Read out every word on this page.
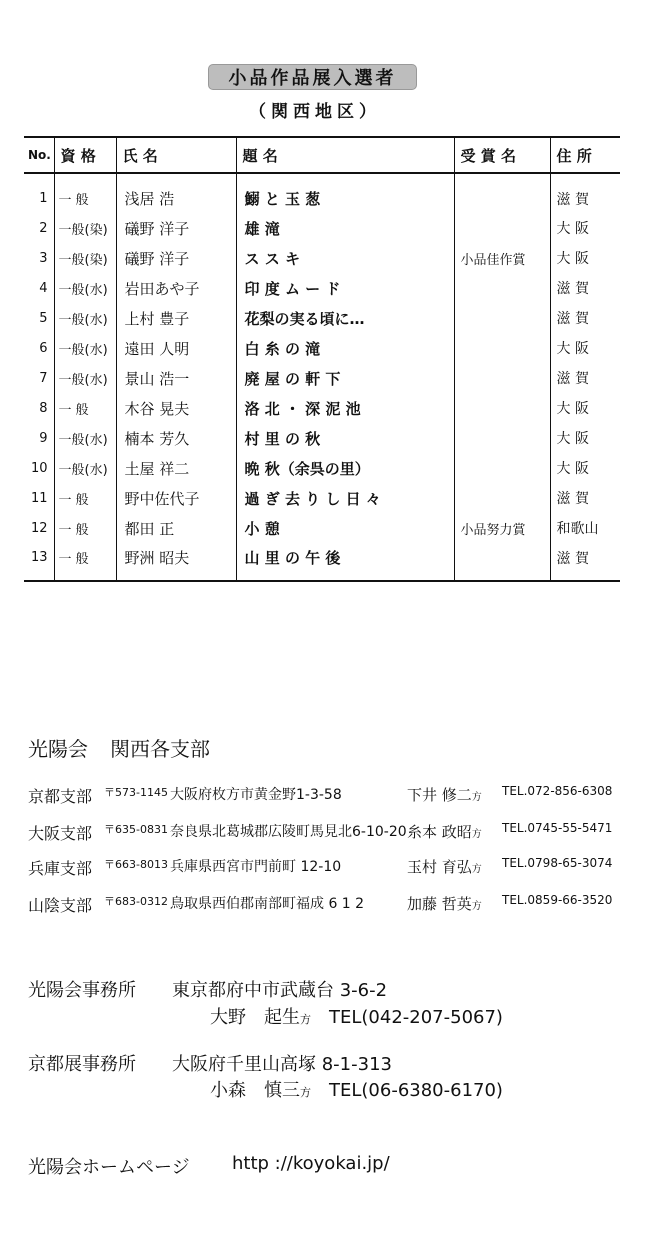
小品作品展入選者
（関西地区）
No.	資 格	氏 名	題 名	受 賞 名	住 所
1	一 般	浅居 浩	鰯 と 玉 葱		滋 賀
2	一般(染)	礒野 洋子	雄 滝		大 阪
3	一般(染)	礒野 洋子	ス ス キ	小品佳作賞	大 阪
4	一般(水)	岩田あや子	印 度 ム ー ド		滋 賀
5	一般(水)	上村 豊子	花梨の実る頃に…		滋 賀
6	一般(水)	遠田 人明	白 糸 の 滝		大 阪
7	一般(水)	景山 浩一	廃 屋 の 軒 下		滋 賀
8	一 般	木谷 晃夫	洛 北 ・ 深 泥 池		大 阪
9	一般(水)	楠本 芳久	村 里 の 秋		大 阪
10	一般(水)	土屋 祥二	晩 秋（余呉の里）		大 阪
11	一 般	野中佐代子	過 ぎ 去 り し 日 々		滋 賀
12	一 般	都田 正	小 憩	小品努力賞	和歌山
13	一 般	野洲 昭夫	山 里 の 午 後		滋 賀
光陽会 関西各支部
京都支部 〒573-1145 大阪府枚方市黄金野1-3-58	下井 修二方 TEL.072-856-6308
大阪支部 〒635-0831 奈良県北葛城郡広陵町馬見北6-10-20 糸本 政昭方 TEL.0745-55-5471
兵庫支部 〒663-8013 兵庫県西宮市門前町 12-10	玉村 育弘方 TEL.0798-65-3074
山陰支部 〒683-0312 鳥取県西伯郡南部町福成 6 1 2	加藤 哲英方 TEL.0859-66-3520
光陽会事務所 東京都府中市武蔵台 3-6-2
大野　起生方 TEL(042-207-5067)
京都展事務所 大阪府千里山高塚 8-1-313
小森　慎三方 TEL(06-6380-6170)
光陽会ホームページ http ://koyokai.jp/
